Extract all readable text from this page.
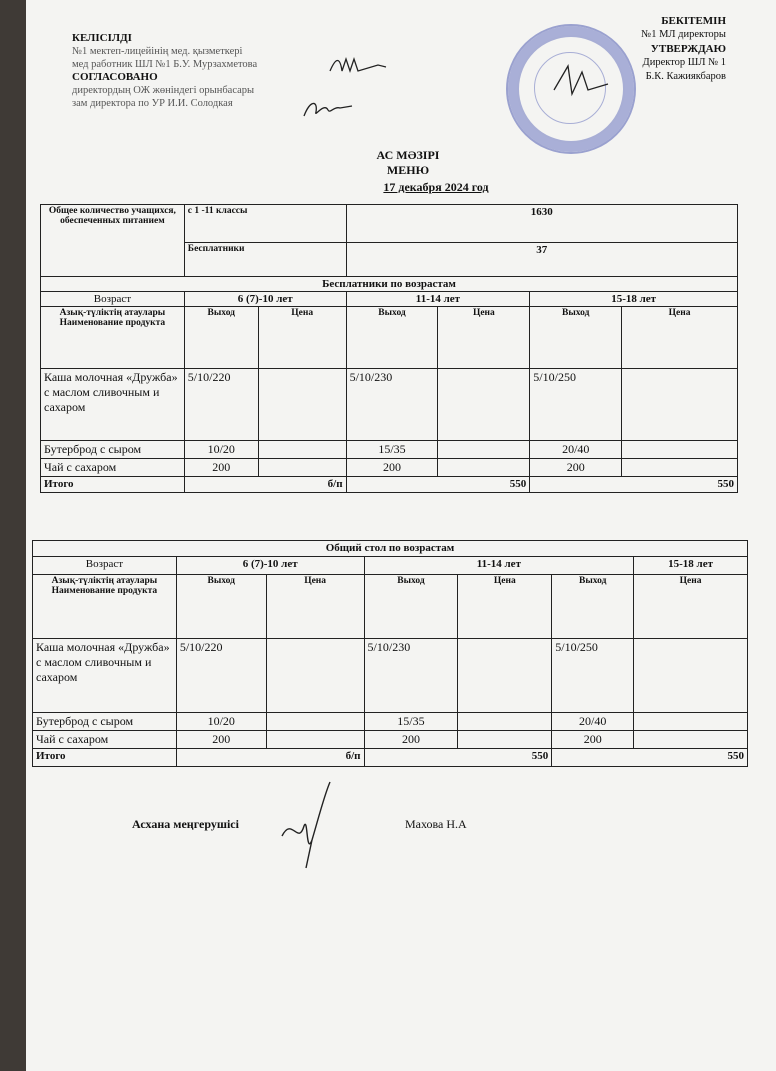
КЕЛІСІЛДІ
№1 мектеп-лицейінің мед. қызметкері
мед работник ШЛ №1 Б.У. Мурзахметова
СОГЛАСОВАНО
директордың ОЖ жөніндегі орынбасары
зам директора по УР И.И. Солодкая
БЕКІТЕМІН
№1 МЛ директоры
УТВЕРЖДАЮ
Директор ШЛ № 1
Б.К. Кажиякбаров
АС МӘЗІРІ
МЕНЮ
17 декабря 2024 год
Общее количество учащихся, обеспеченных питанием	с 1 -11 классы		1630			
	Бесплатники		37			
Бесплатники по возрастам						
Возраст	6 (7)-10 лет		11-14 лет		15-18 лет	
Азық-түліктің атаулары Наименование продукта	Выход	Цена	Выход	Цена	Выход	Цена
Каша молочная «Дружба» с маслом сливочным и сахаром	5/10/220		5/10/230		5/10/250	
Бутерброд с сыром	10/20		15/35		20/40	
Чай с сахаром	200		200		200	
Итого	б/п		550		550	
Общий стол по возрастам						
Возраст	6 (7)-10 лет		11-14 лет			15-18 лет
Азық-түліктің атаулары Наименование продукта	Выход	Цена	Выход	Цена	Выход	Цена
Каша молочная «Дружба» с маслом сливочным и сахаром	5/10/220		5/10/230		5/10/250	
Бутерброд с сыром	10/20		15/35		20/40	
Чай с сахаром	200		200		200	
Итого	б/п		550		550	
Асхана меңгерушісі	Махова Н.А
